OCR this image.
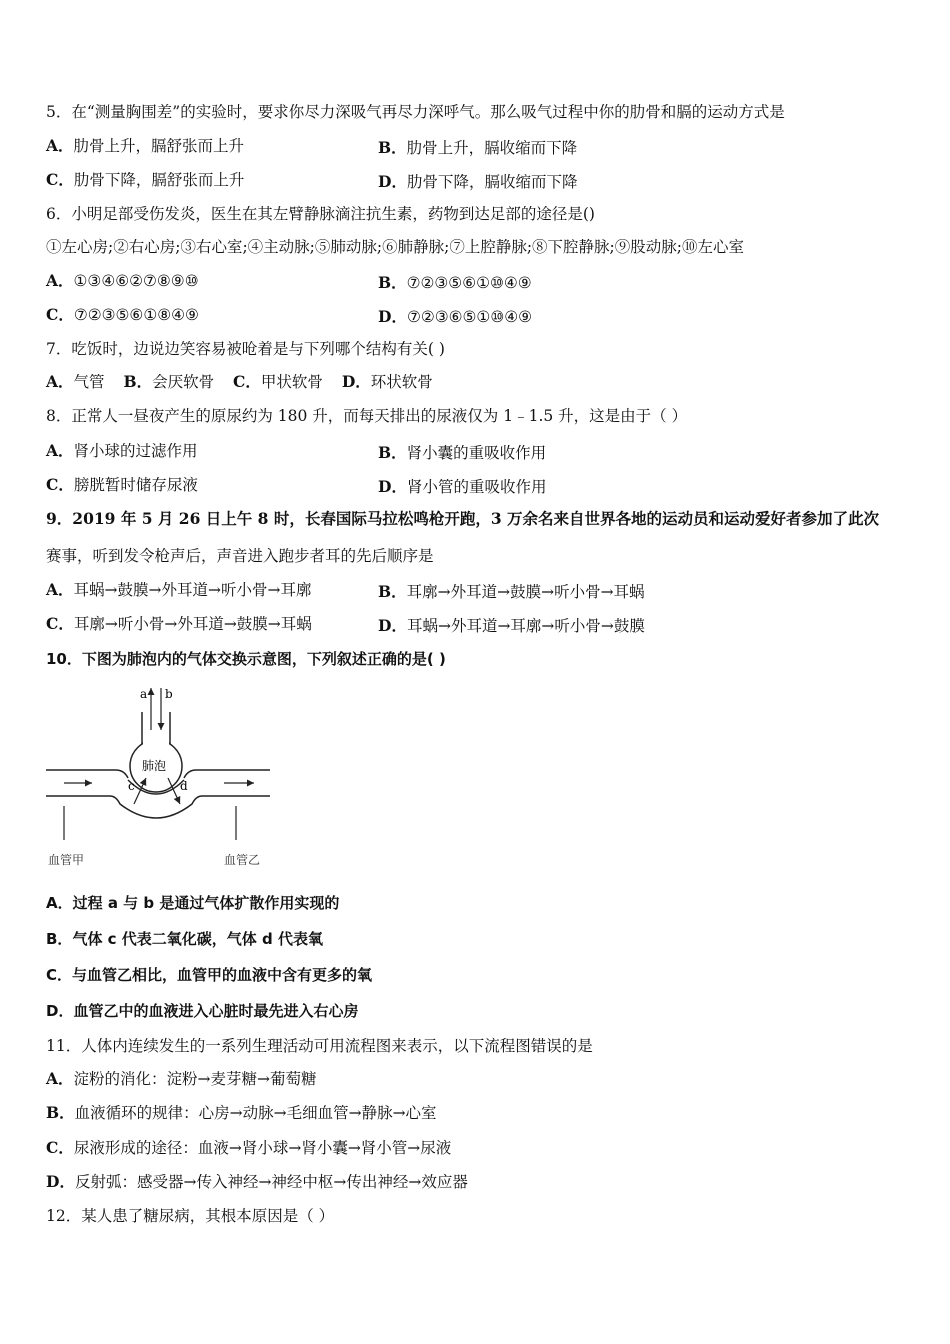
5．在“测量胸围差”的实验时，要求你尽力深吸气再尽力深呼气。那么吸气过程中你的肋骨和膈的运动方式是
A．肋骨上升，膈舒张而上升	B．肋骨上升，膈收缩而下降
C．肋骨下降，膈舒张而上升	D．肋骨下降，膈收缩而下降
6．小明足部受伤发炎，医生在其左臂静脉滴注抗生素，药物到达足部的途径是()
①左心房;②右心房;③右心室;④主动脉;⑤肺动脉;⑥肺静脉;⑦上腔静脉;⑧下腔静脉;⑨股动脉;⑩左心室
A．①③④⑥②⑦⑧⑨⑩	B．⑦②③⑤⑥①⑩④⑨
C．⑦②③⑤⑥①⑧④⑨	D．⑦②③⑥⑤①⑩④⑨
7．吃饭时，边说边笑容易被呛着是与下列哪个结构有关( )
A．气管 B．会厌软骨 C．甲状软骨 D．环状软骨
8．正常人一昼夜产生的原尿约为 180 升，而每天排出的尿液仅为 1﹣1.5 升，这是由于（ ）
A．肾小球的过滤作用	B．肾小囊的重吸收作用
C．膀胱暂时储存尿液	D．肾小管的重吸收作用
9．2019 年 5 月 26 日上午 8 时，长春国际马拉松鸣枪开跑，3 万余名来自世界各地的运动员和运动爱好者参加了此次
赛事，听到发令枪声后，声音进入跑步者耳的先后顺序是
A．耳蜗→鼓膜→外耳道→听小骨→耳廓	B．耳廓→外耳道→鼓膜→听小骨→耳蜗
C．耳廓→听小骨→外耳道→鼓膜→耳蜗	D．耳蜗→外耳道→耳廓→听小骨→鼓膜
10．下图为肺泡内的气体交换示意图，下列叙述正确的是( )
a b
肺泡
c	d
血管甲	血管乙
A．过程 a 与 b 是通过气体扩散作用实现的
B．气体 c 代表二氧化碳，气体 d 代表氧
C．与血管乙相比，血管甲的血液中含有更多的氧
D．血管乙中的血液进入心脏时最先进入右心房
11．人体内连续发生的一系列生理活动可用流程图来表示，以下流程图错误的是
A．淀粉的消化：淀粉→麦芽糖→葡萄糖
B．血液循环的规律：心房→动脉→毛细血管→静脉→心室
C．尿液形成的途径：血液→肾小球→肾小囊→肾小管→尿液
D．反射弧：感受器→传入神经→神经中枢→传出神经→效应器
12．某人患了糖尿病，其根本原因是（ ）
